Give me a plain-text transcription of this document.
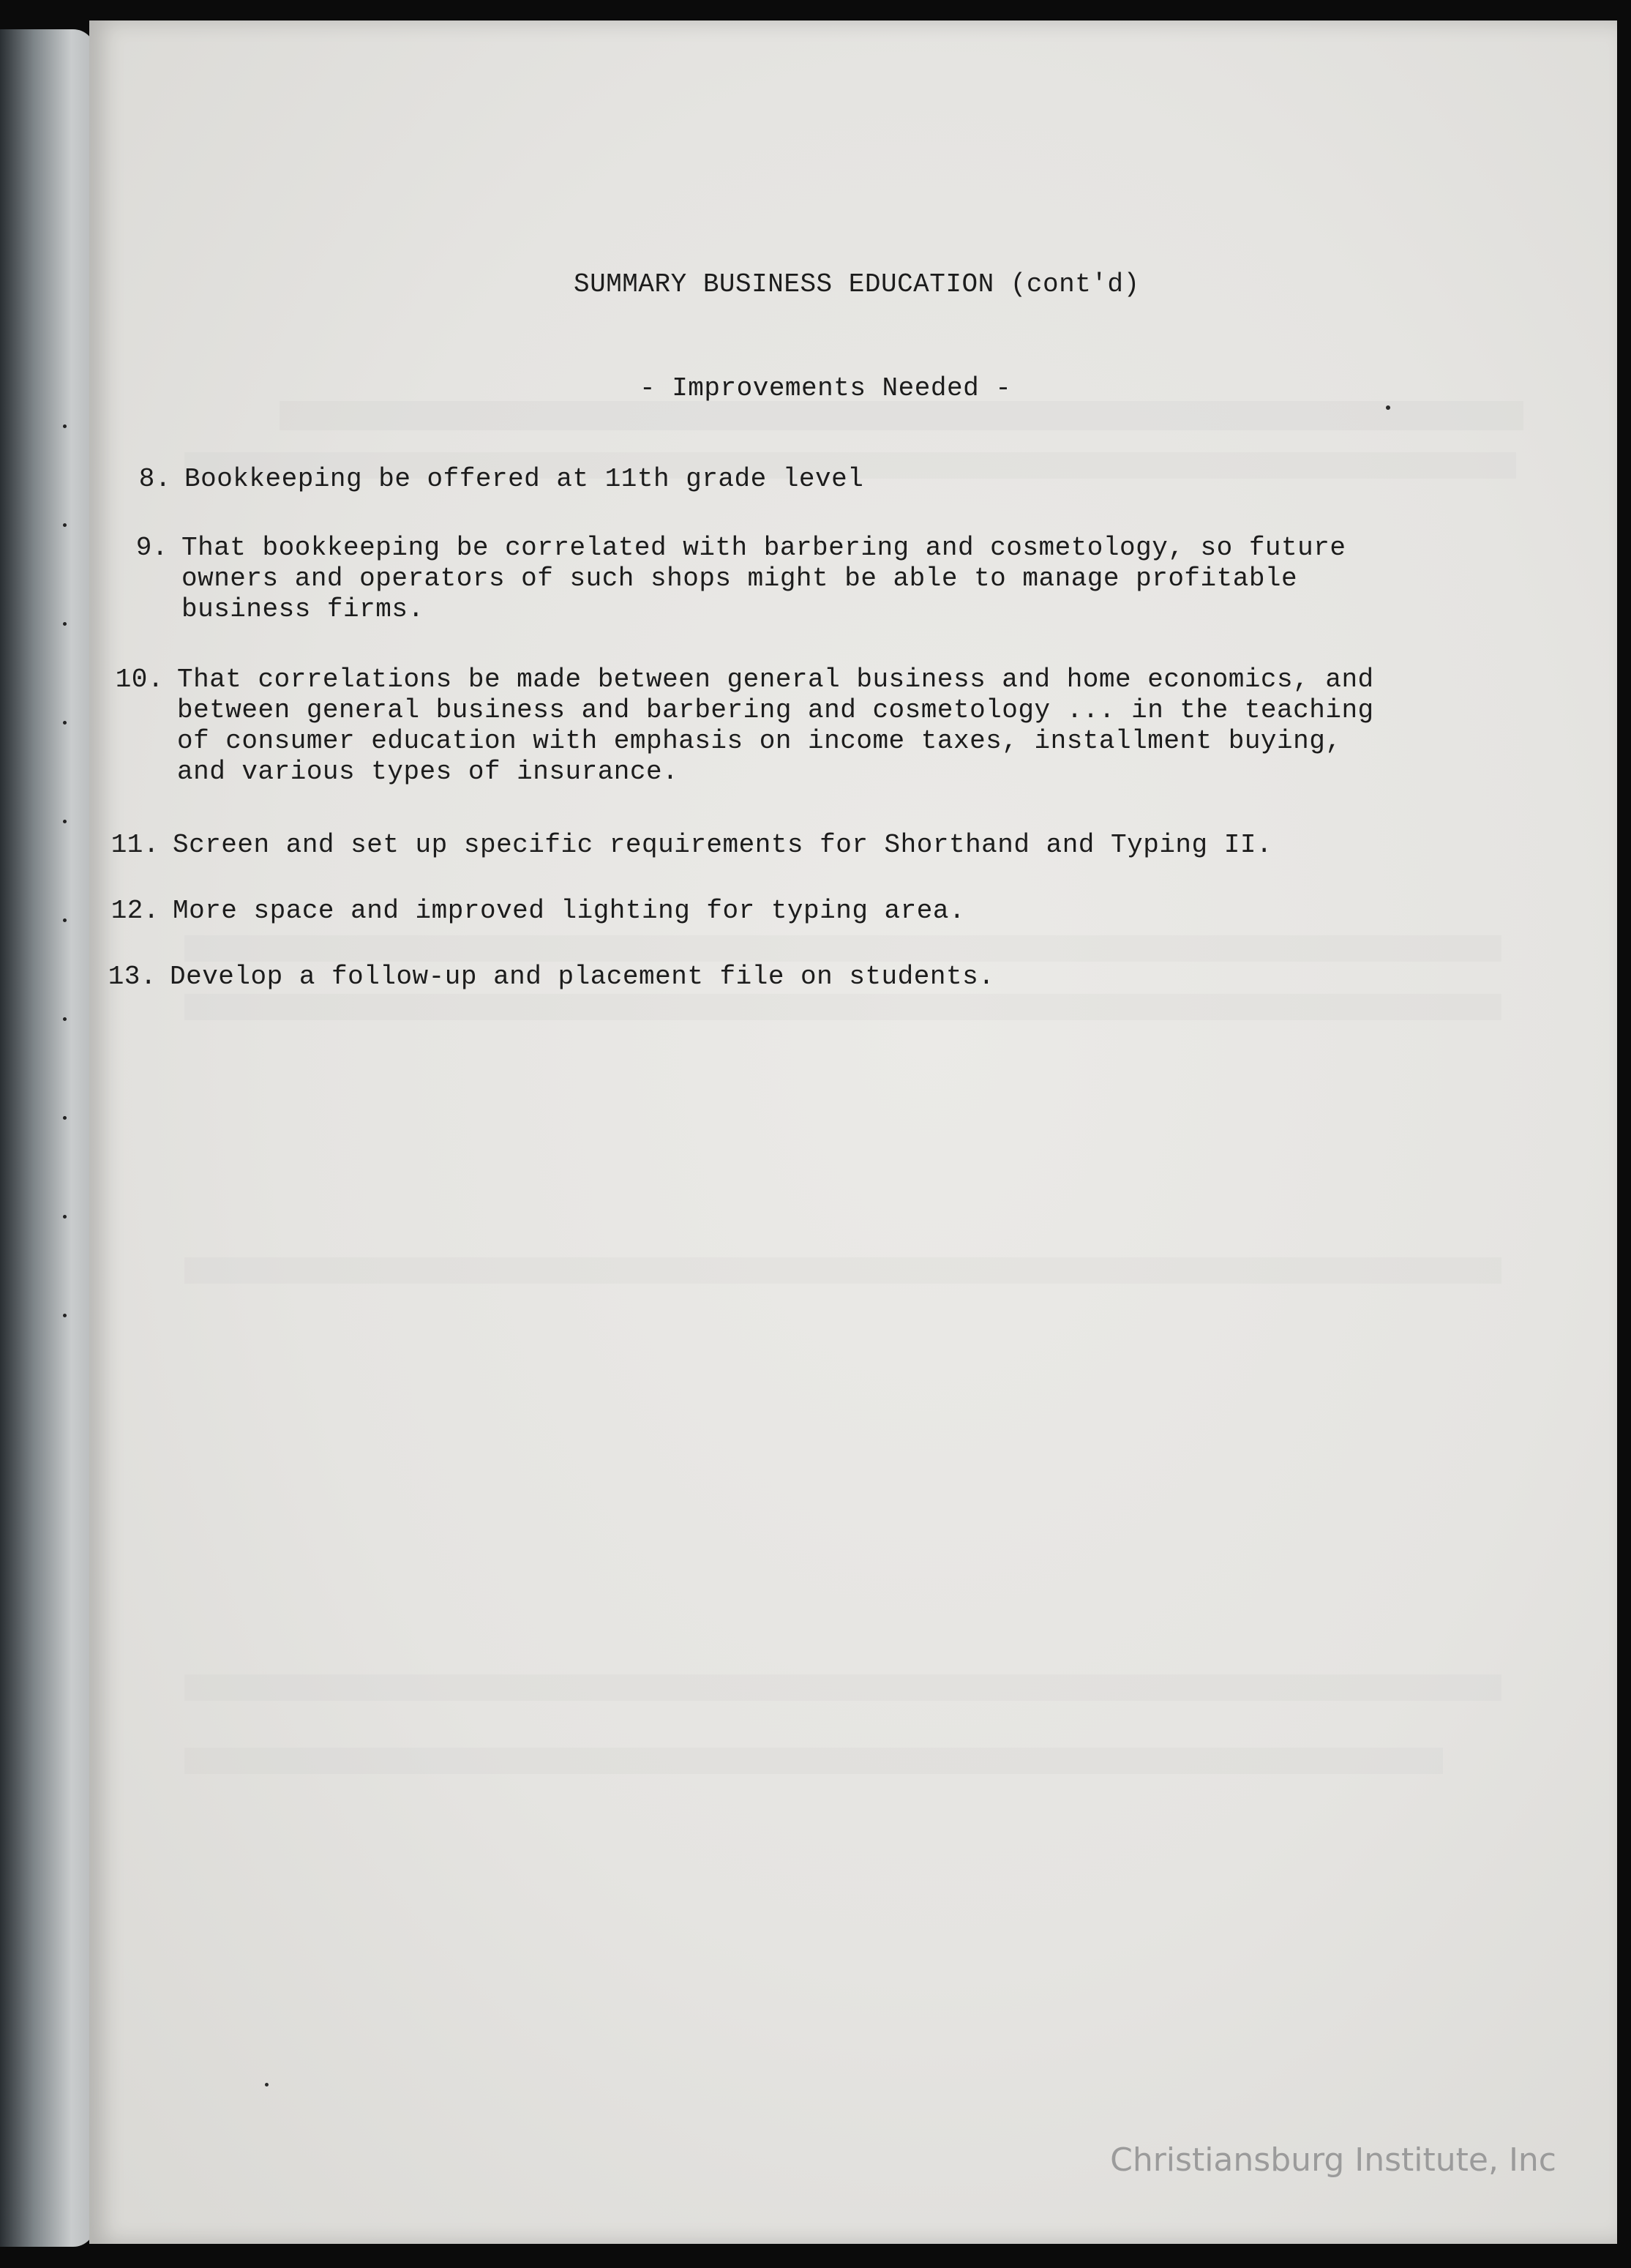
SUMMARY BUSINESS EDUCATION (cont'd)
- Improvements Needed -
8. Bookkeeping be offered at 11th grade level
9. That bookkeeping be correlated with barbering and cosmetology, so future
owners and operators of such shops might be able to manage profitable
business firms.
10. That correlations be made between general business and home economics, and
between general business and barbering and cosmetology ... in the teaching
of consumer education with emphasis on income taxes, installment buying,
and various types of insurance.
11. Screen and set up specific requirements for Shorthand and Typing II.
12. More space and improved lighting for typing area.
13. Develop a follow-up and placement file on students.
Christiansburg Institute, Inc
